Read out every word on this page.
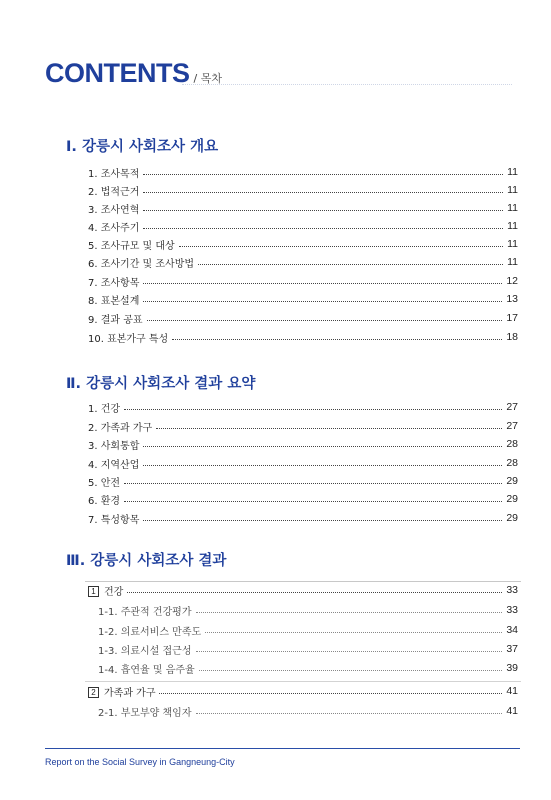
CONTENTS / 목차
Ⅰ. 강릉시 사회조사 개요
1. 조사목적	11
2. 법적근거	11
3. 조사연혁	11
4. 조사주기	11
5. 조사규모 및 대상	11
6. 조사기간 및 조사방법	11
7. 조사항목	12
8. 표본설계	13
9. 결과 공표	17
10. 표본가구 특성	18
Ⅱ. 강릉시 사회조사 결과 요약
1. 건강	27
2. 가족과 가구	27
3. 사회통합	28
4. 지역산업	28
5. 안전	29
6. 환경	29
7. 특성항목	29
Ⅲ. 강릉시 사회조사 결과
1 건강	33
1-1. 주관적 건강평가	33
1-2. 의료서비스 만족도	34
1-3. 의료시설 접근성	37
1-4. 흡연율 및 음주율	39
2 가족과 가구	41
2-1. 부모부양 책임자	41
Report on the Social Survey in Gangneung-City
